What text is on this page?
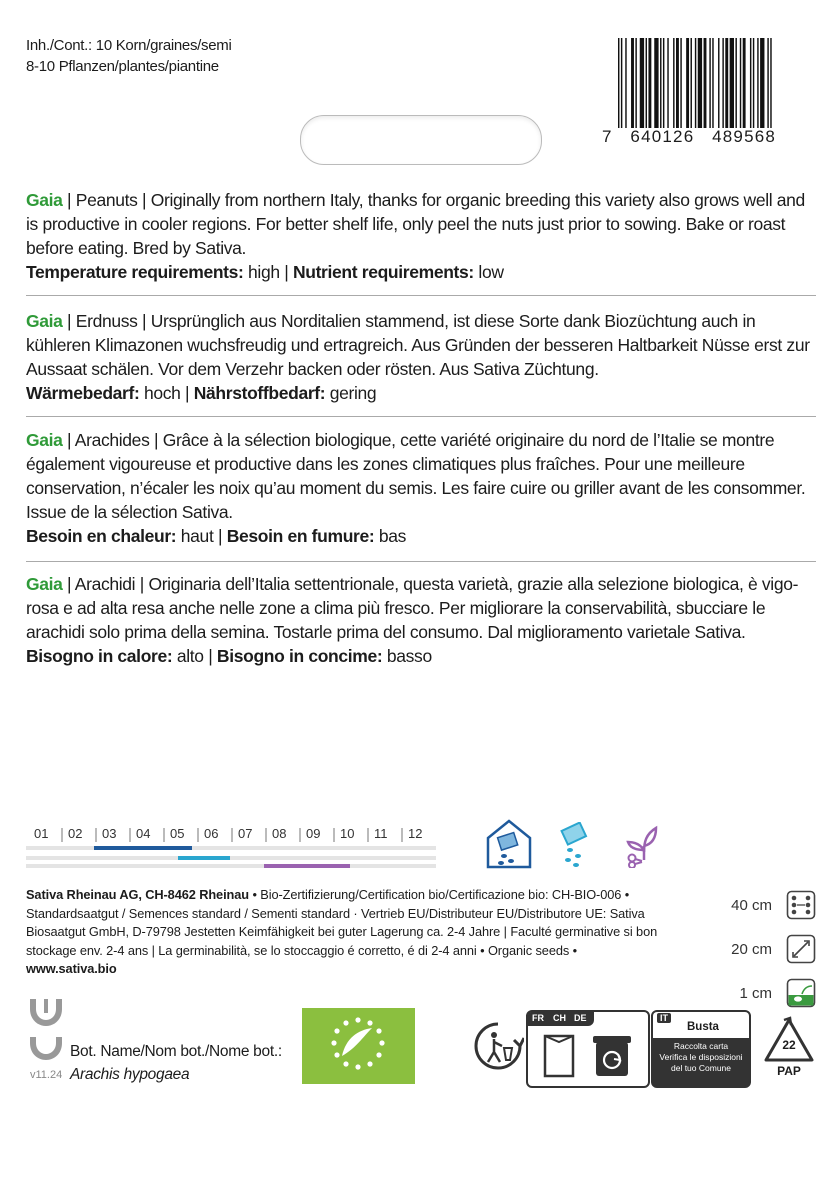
Inh./Cont.: 10 Korn/graines/semi
8-10 Pflanzen/plantes/piantine
7   640126   489568
Gaia | Peanuts | Originally from northern Italy, thanks for organic breeding this variety also grows well and is productive in cooler regions. For better shelf life, only peel the nuts just prior to sowing. Bake or roast before eating. Bred by Sativa.
Temperature requirements: high | Nutrient requirements: low
Gaia | Erdnuss | Ursprünglich aus Norditalien stammend, ist diese Sorte dank Biozüchtung auch in kühleren Klimazonen wuchsfreudig und ertragreich. Aus Gründen der besseren Haltbarkeit Nüsse erst zur Aussaat schälen. Vor dem Verzehr backen oder rösten. Aus Sativa Züchtung.
Wärmebedarf: hoch | Nährstoffbedarf: gering
Gaia | Arachides | Grâce à la sélection biologique, cette variété originaire du nord de l’Italie se montre également vigoureuse et productive dans les zones climatiques plus fraîches. Pour une meilleure conservation, n’écaler les noix qu’au moment du semis. Les faire cuire ou griller avant de les consommer. Issue de la sélection Sativa.
Besoin en chaleur: haut | Besoin en fumure: bas
Gaia | Arachidi | Originaria dell’Italia settentrionale, questa varietà, grazie alla selezione biologica, è vigorosa e ad alta resa anche nelle zone a clima più fresco. Per migliorare la conservabilità, sbucciare le arachidi solo prima della semina. Tostarle prima del consumo. Dal miglioramento varietale Sativa.
Bisogno in calore: alto | Bisogno in concime: basso
01 02 03 04 05 06 07 08 09 10 11 12
Sativa Rheinau AG, CH-8462 Rheinau • Bio-Zertifizierung/Certification bio/Certificazione bio: CH-BIO-006 • Standardsaatgut / Semences standard / Sementi standard · Vertrieb EU/Distributeur EU/Distributore UE: Sativa Biosaatgut GmbH, D-79798 Jestetten Keimfähigkeit bei guter Lagerung ca. 2-4 Jahre | Faculté germinative si bon stockage env. 2-4 ans | La germinabilità, se lo stoccaggio é corretto, é di 2-4 anni • Organic seeds • www.sativa.bio
40 cm
20 cm
1 cm
v11.24
Bot. Name/Nom bot./Nome bot.:
Arachis hypogaea
FR CH DE	IT
Busta
Raccolta carta
Verifica le disposizioni
del tuo Comune
22
PAP
